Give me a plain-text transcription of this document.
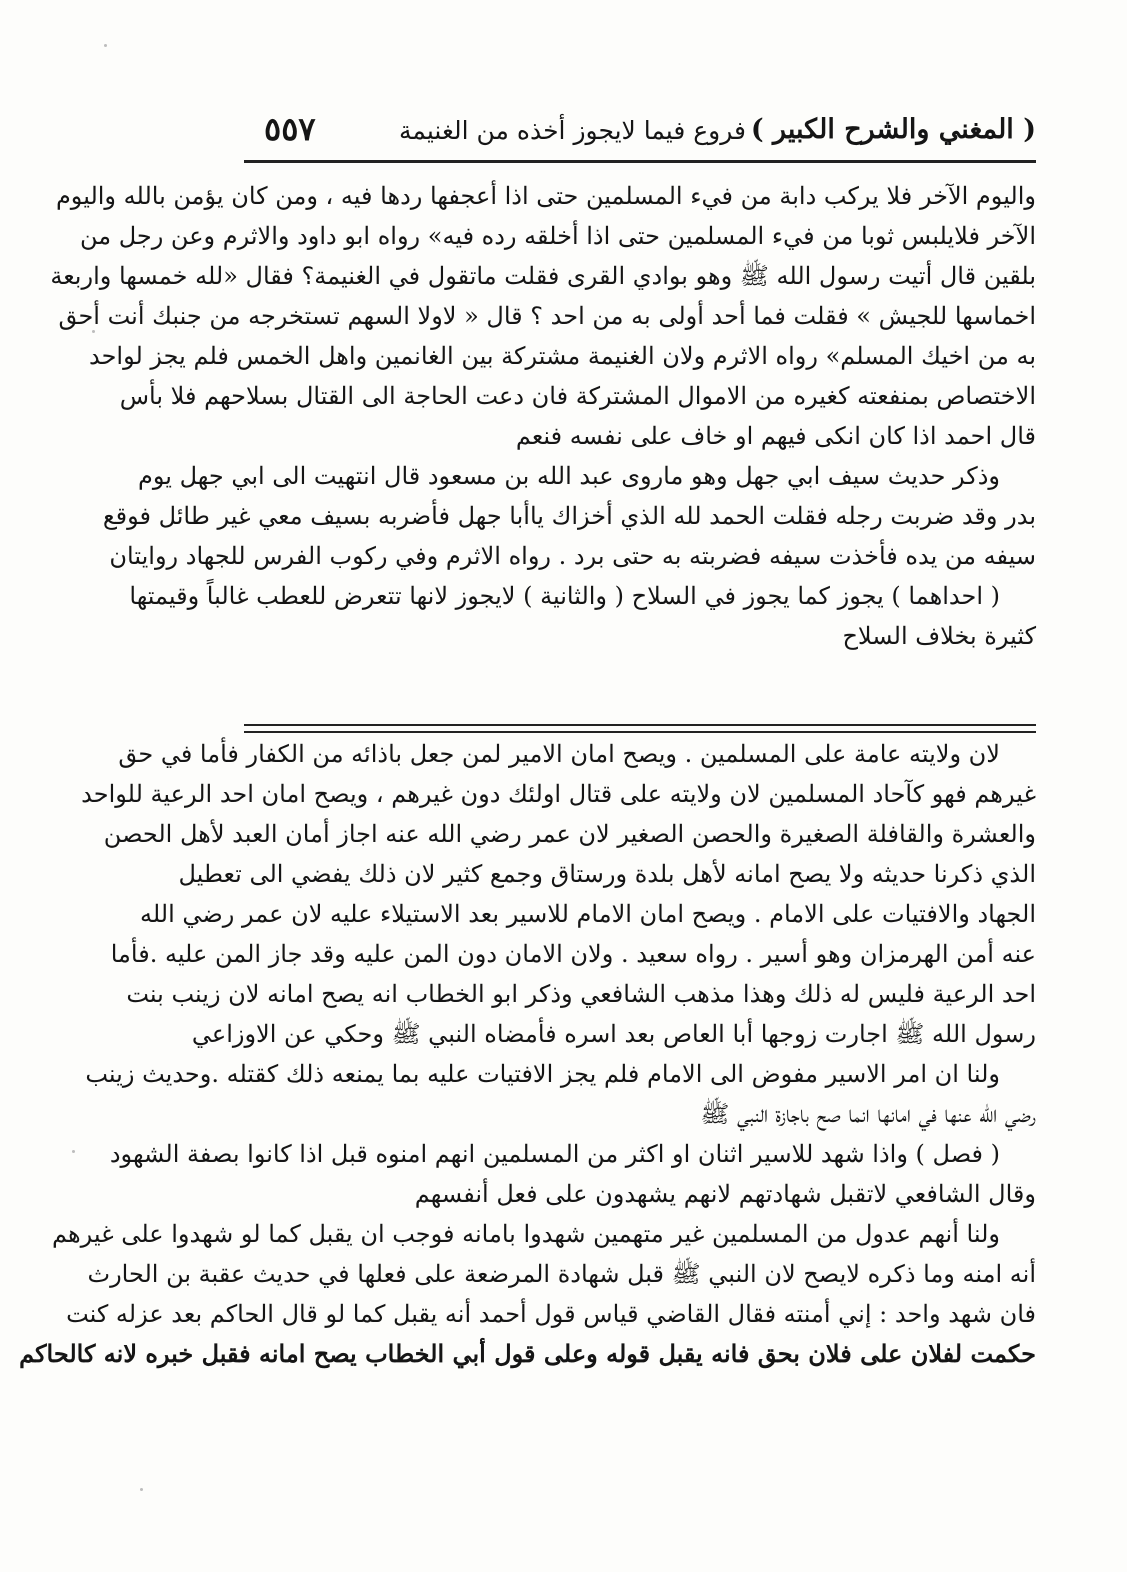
( المغني والشرح الكبير )
فروع فيما لايجوز أخذه من الغنيمة
٥٥٧
واليوم الآخر فلا يركب دابة من فيء المسلمين حتى اذا أعجفها ردها فيه ، ومن كان يؤمن بالله واليوم
الآخر فلايلبس ثوبا من فيء المسلمين حتى اذا أخلقه رده فيه» رواه ابو داود والاثرم وعن رجل من
بلقين قال أتيت رسول الله ﷺ وهو بوادي القرى فقلت ماتقول في الغنيمة؟ فقال «لله خمسها واربعة
اخماسها للجيش » فقلت فما أحد أولى به من احد ؟ قال « لاولا السهم تستخرجه من جنبك أنت أحق
به من اخيك المسلم» رواه الاثرم ولان الغنيمة مشتركة بين الغانمين واهل الخمس فلم يجز لواحد
الاختصاص بمنفعته كغيره من الاموال المشتركة فان دعت الحاجة الى القتال بسلاحهم فلا بأس
قال احمد اذا كان انكى فيهم او خاف على نفسه فنعم
وذكر حديث سيف ابي جهل وهو ماروى عبد الله بن مسعود قال انتهيت الى ابي جهل يوم
بدر وقد ضربت رجله فقلت الحمد لله الذي أخزاك ياأبا جهل فأضربه بسيف معي غير طائل فوقع
سيفه من يده فأخذت سيفه فضربته به حتى برد . رواه الاثرم وفي ركوب الفرس للجهاد روايتان
( احداهما ) يجوز كما يجوز في السلاح ( والثانية ) لايجوز لانها تتعرض للعطب غالباً وقيمتها
كثيرة بخلاف السلاح
لان ولايته عامة على المسلمين . ويصح امان الامير لمن جعل باذائه من الكفار فأما في حق
غيرهم فهو كآحاد المسلمين لان ولايته على قتال اولئك دون غيرهم ، ويصح امان احد الرعية للواحد
والعشرة والقافلة الصغيرة والحصن الصغير لان عمر رضي الله عنه اجاز أمان العبد لأهل الحصن
الذي ذكرنا حديثه ولا يصح امانه لأهل بلدة ورستاق وجمع كثير لان ذلك يفضي الى تعطيل
الجهاد والافتيات على الامام . ويصح امان الامام للاسير بعد الاستيلاء عليه لان عمر رضي الله
عنه أمن الهرمزان وهو أسير . رواه سعيد . ولان الامان دون المن عليه وقد جاز المن عليه .فأما
احد الرعية فليس له ذلك وهذا مذهب الشافعي وذكر ابو الخطاب انه يصح امانه لان زينب بنت
رسول الله ﷺ اجارت زوجها أبا العاص بعد اسره فأمضاه النبي ﷺ وحكي عن الاوزاعي
ولنا ان امر الاسير مفوض الى الامام فلم يجز الافتيات عليه بما يمنعه ذلك كقتله .وحديث زينب
رضي الله عنها في امانها انما صح باجازة النبي ﷺ
( فصل ) واذا شهد للاسير اثنان او اكثر من المسلمين انهم امنوه قبل اذا كانوا بصفة الشهود
وقال الشافعي لاتقبل شهادتهم لانهم يشهدون على فعل أنفسهم
ولنا أنهم عدول من المسلمين غير متهمين شهدوا بامانه فوجب ان يقبل كما لو شهدوا على غيرهم
أنه امنه وما ذكره لايصح لان النبي ﷺ قبل شهادة المرضعة على فعلها في حديث عقبة بن الحارث
فان شهد واحد : إني أمنته فقال القاضي قياس قول أحمد أنه يقبل كما لو قال الحاكم بعد عزله كنت
حكمت لفلان على فلان بحق فانه يقبل قوله وعلى قول أبي الخطاب يصح امانه فقبل خبره لانه كالحاكم
